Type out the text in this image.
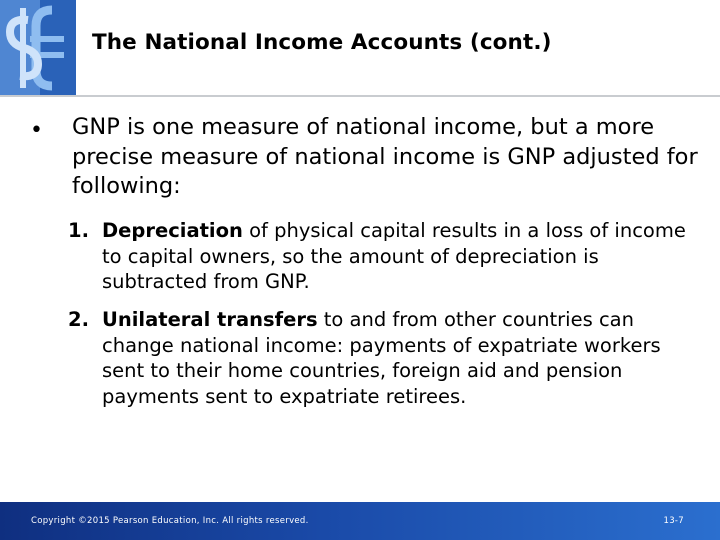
The National Income Accounts (cont.)
• GNP is one measure of national income, but a more precise measure of national income is GNP adjusted for following:
1. Depreciation of physical capital results in a loss of income to capital owners, so the amount of depreciation is subtracted from GNP.
2. Unilateral transfers to and from other countries can change national income: payments of expatriate workers sent to their home countries, foreign aid and pension payments sent to expatriate retirees.
Copyright ©2015 Pearson Education, Inc. All rights reserved.	13-7
